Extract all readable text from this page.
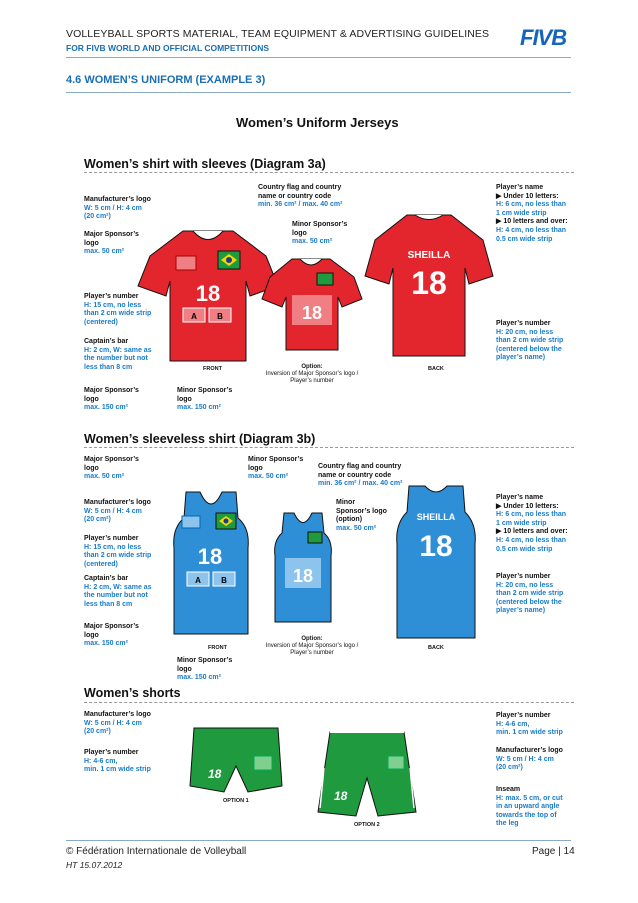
VOLLEYBALL SPORTS MATERIAL, TEAM EQUIPMENT & ADVERTISING GUIDELINES
FOR FIVB WORLD AND OFFICIAL COMPETITIONS	FIVB
4.6 WOMEN’S UNIFORM (EXAMPLE 3)
Women’s Uniform Jerseys
Women’s shirt with sleeves (Diagram 3a)
Manufacturer’s logo
W: 5 cm / H: 4 cm
(20 cm²)
Major Sponsor’s
logo
max. 50 cm²
Player’s number
H: 15 cm, no less
than 2 cm wide strip
(centered)
Captain’s bar
H: 2 cm, W: same as
the number but not
less than 8 cm
Major Sponsor’s
logo
max. 150 cm²
Minor Sponsor’s
logo
max. 150 cm²
Country flag and country
name or country code
min. 36 cm² / max. 40 cm²
Minor Sponsor’s
logo
max. 50 cm²
Player’s name
▶ Under 10 letters:
H: 6 cm, no less than
1 cm wide strip
▶ 10 letters and over:
H: 4 cm, no less than
0.5 cm wide strip
Player’s number
H: 20 cm, no less
than 2 cm wide strip
(centered below the
player’s name)
FRONT	BACK
Option:
Inversion of Major Sponsor’s logo /
Player’s number
18
A	B	18
SHEILLA
18
Women’s sleeveless shirt (Diagram 3b)
Major Sponsor’s
logo
max. 50 cm²
Manufacturer’s logo
W: 5 cm / H: 4 cm
(20 cm²)
Player’s number
H: 15 cm, no less
than 2 cm wide strip
(centered)
Captain’s bar
H: 2 cm, W: same as
the number but not
less than 8 cm
Major Sponsor’s
logo
max. 150 cm²
Minor Sponsor’s
logo
max. 50 cm²
Country flag and country
name or country code
min. 36 cm² / max. 40 cm²
Minor
Sponsor’s logo
(option)
max. 50 cm²
Minor Sponsor’s
logo
max. 150 cm²
Player’s name
▶ Under 10 letters:
H: 6 cm, no less than
1 cm wide strip
▶ 10 letters and over:
H: 4 cm, no less than
0.5 cm wide strip
Player’s number
H: 20 cm, no less
than 2 cm wide strip
(centered below the
player’s name)
FRONT	BACK
Option:
Inversion of Major Sponsor’s logo /
Player’s number
18
A	B	18
SHEILLA
18
Women’s shorts
Manufacturer’s logo
W: 5 cm / H: 4 cm
(20 cm²)
Player’s number
H: 4-6 cm,
min. 1 cm wide strip
Player’s number
H: 4-6 cm,
min. 1 cm wide strip
Manufacturer’s logo
W: 5 cm / H: 4 cm
(20 cm²)
Inseam
H: max. 5 cm, or cut
in an upward angle
towards the top of
the leg
18
OPTION 1	18
OPTION 2
© Fédération Internationale de Volleyball
HT 15.07.2012
Page | 14
